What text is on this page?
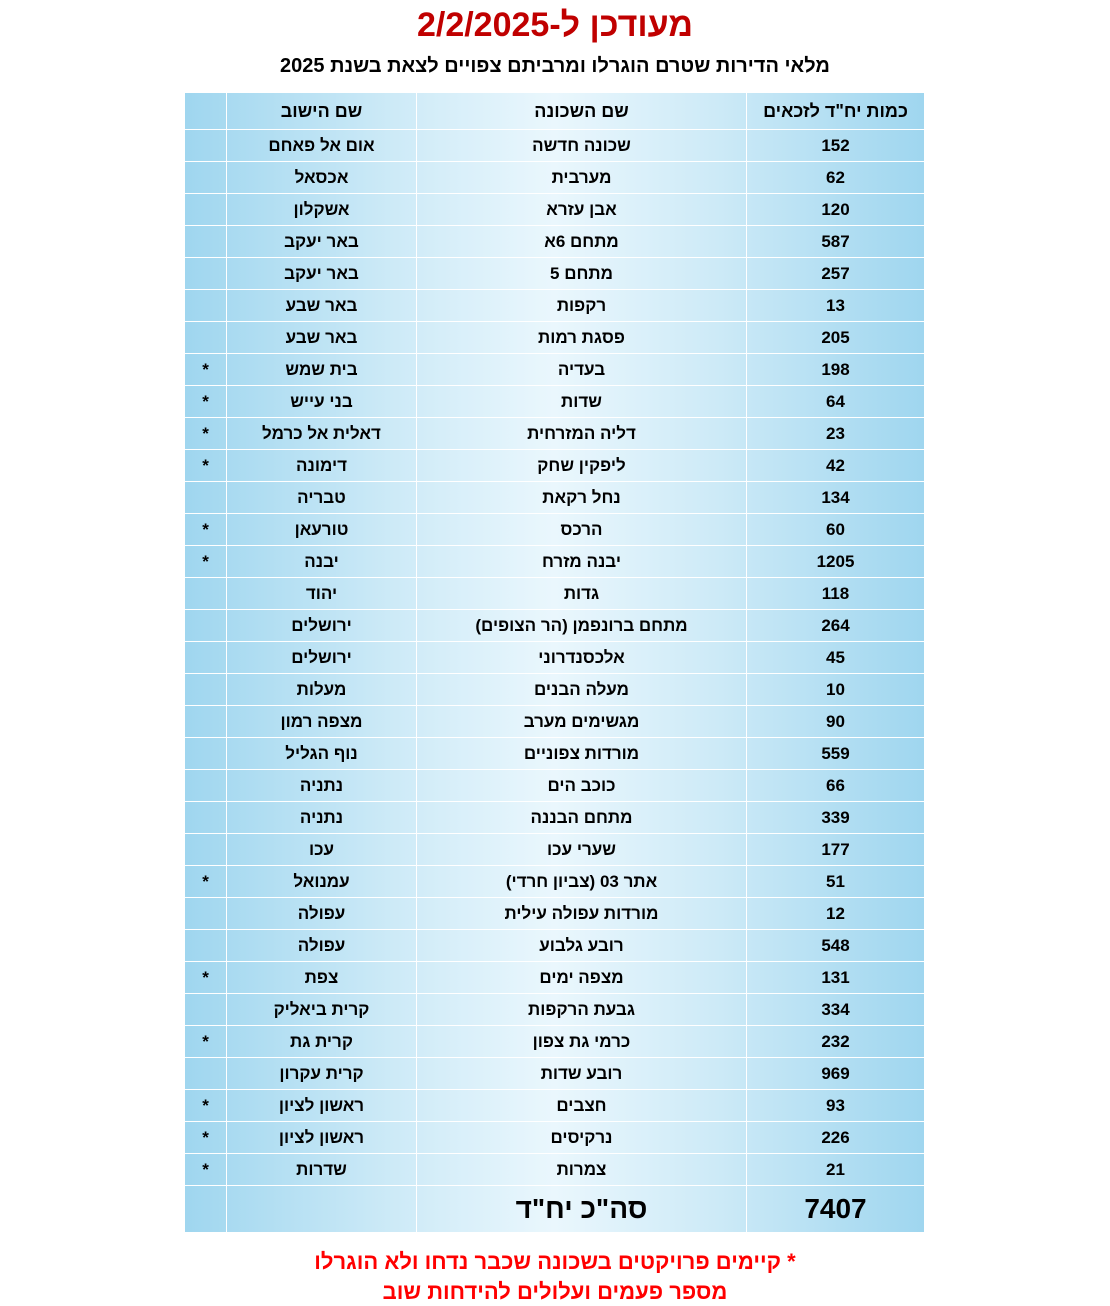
מעודכן ל-2/2/2025
מלאי הדירות שטרם הוגרלו ומרביתם צפויים לצאת בשנת 2025
כמות יח"ד לזכאים	שם השכונה	שם הישוב	
152	שכונה חדשה	אום אל פאחם	
62	מערבית	אכסאל	
120	אבן עזרא	אשקלון	
587	מתחם 6א	באר יעקב	
257	מתחם 5	באר יעקב	
13	רקפות	באר שבע	
205	פסגת רמות	באר שבע	
198	בעדיה	בית שמש	*
64	שדות	בני עייש	*
23	דליה המזרחית	דאלית אל כרמל	*
42	ליפקין שחק	דימונה	*
134	נחל רקאת	טבריה	
60	הרכס	טורעאן	*
1205	יבנה מזרח	יבנה	*
118	גדות	יהוד	
264	מתחם ברונפמן (הר הצופים)	ירושלים	
45	אלכסנדרוני	ירושלים	
10	מעלה הבנים	מעלות	
90	מגשימים מערב	מצפה רמון	
559	מורדות צפוניים	נוף הגליל	
66	כוכב הים	נתניה	
339	מתחם הבננה	נתניה	
177	שערי עכו	עכו	
51	אתר 03 (צביון חרדי)	עמנואל	*
12	מורדות עפולה עילית	עפולה	
548	רובע גלבוע	עפולה	
131	מצפה ימים	צפת	*
334	גבעת הרקפות	קרית ביאליק	
232	כרמי גת צפון	קרית גת	*
969	רובע שדות	קרית עקרון	
93	חצבים	ראשון לציון	*
226	נרקיסים	ראשון לציון	*
21	צמרות	שדרות	*
7407	סה"כ יח"ד		
* קיימים פרויקטים בשכונה שכבר נדחו ולא הוגרלו
מספר פעמים ועלולים להידחות שוב
